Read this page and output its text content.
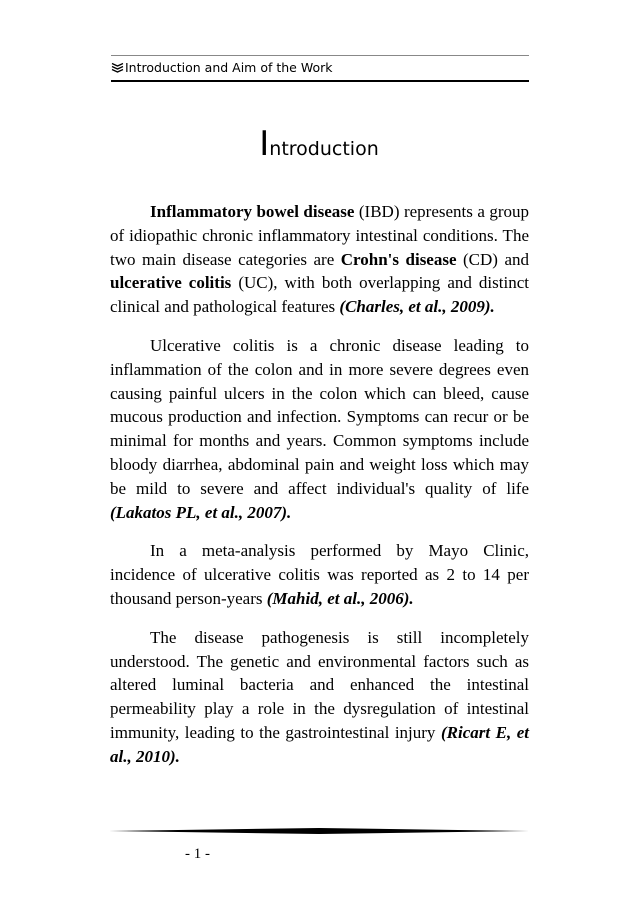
Introduction and Aim of the Work
Introduction

Inflammatory bowel disease (IBD) represents a group of idiopathic chronic inflammatory intestinal conditions. The two main disease categories are Crohn's disease (CD) and ulcerative colitis (UC), with both overlapping and distinct clinical and pathological features (Charles, et al., 2009).

Ulcerative colitis is a chronic disease leading to inflammation of the colon and in more severe degrees even causing painful ulcers in the colon which can bleed, cause mucous production and infection. Symptoms can recur or be minimal for months and years. Common symptoms include bloody diarrhea, abdominal pain and weight loss which may be mild to severe and affect individual's quality of life (Lakatos PL, et al., 2007).

In a meta-analysis performed by Mayo Clinic, incidence of ulcerative colitis was reported as 2 to 14 per thousand person-years (Mahid, et al., 2006).

The disease pathogenesis is still incompletely understood. The genetic and environmental factors such as altered luminal bacteria and enhanced the intestinal permeability play a role in the dysregulation of intestinal immunity, leading to the gastrointestinal injury (Ricart E, et al., 2010).

- 1 -
